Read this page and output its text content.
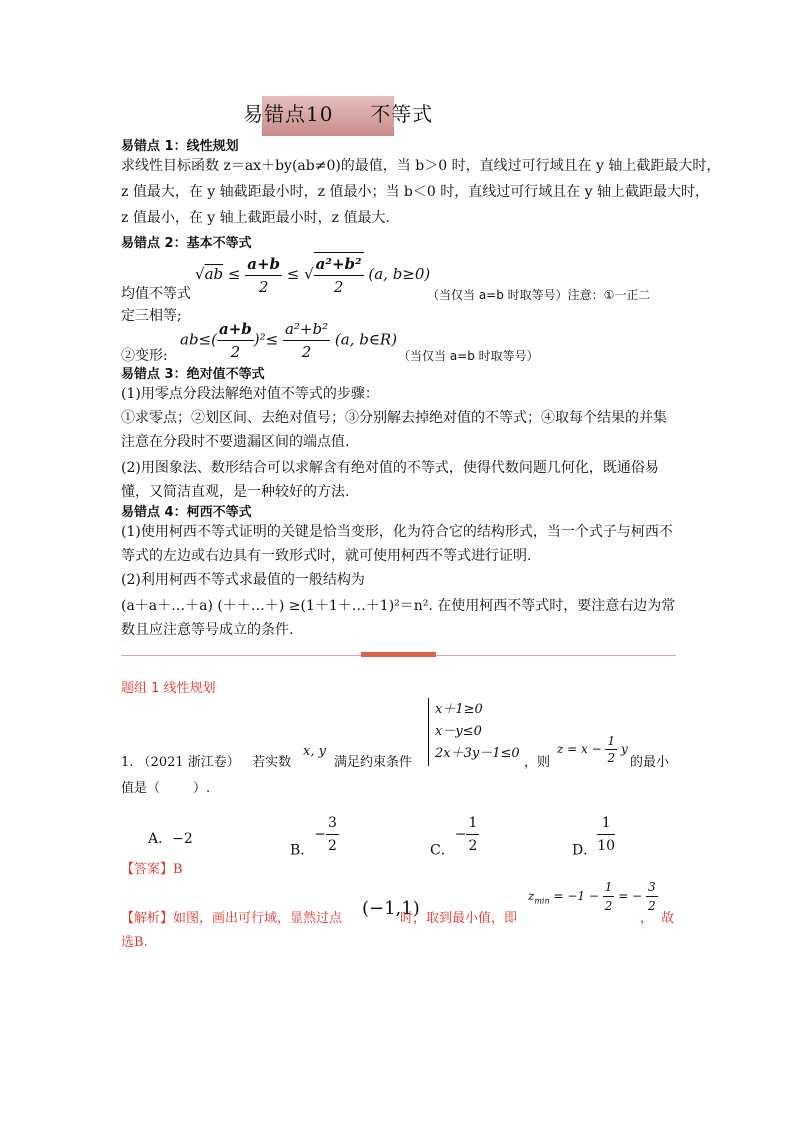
易错点10 不等式
易错点 1：线性规划
求线性目标函数 z＝ax＋by(ab≠0)的最值，当 b＞0 时，直线过可行域且在 y 轴上截距最大时，
z 值最大，在 y 轴截距最小时，z 值最小；当 b＜0 时，直线过可行域且在 y 轴上截距最大时，
z 值最小，在 y 轴上截距最小时，z 值最大.
易错点 2：基本不等式
$√ab \le \frac{a+b}{2}$ ≤ √ $\frac{\text{a²+b²}}{2} (a$, b≥0)
均值不等式	（当仅当 a=b 时取等号）注意：①一正二
定三相等;
$ab\le( \frac{a+b}{2} )^2\le \frac{\text{a²+b²}}{2} (a$, b∈R)
②变形:	（当仅当 a=b 时取等号）
易错点 3：绝对值不等式
(1)用零点分段法解绝对值不等式的步骤：
①求零点；②划区间、去绝对值号；③分别解去掉绝对值的不等式；④取每个结果的并集
注意在分段时不要遗漏区间的端点值.
(2)用图象法、数形结合可以求解含有绝对值的不等式，使得代数问题几何化，既通俗易
懂，又简洁直观，是一种较好的方法.
易错点 4：柯西不等式
(1)使用柯西不等式证明的关键是恰当变形，化为符合它的结构形式，当一个式子与柯西不
等式的左边或右边具有一致形式时，就可使用柯西不等式进行证明.
(2)利用柯西不等式求最值的一般结构为
(a＋a＋…＋a) (＋＋…＋) ≥(1＋1＋…＋1)²＝n². 在使用柯西不等式时，要注意右边为常
数且应注意等号成立的条件.
题组 1 线性规划
1. （2021 浙江卷） 若实数
x, y
满足约束条件
x＋1≥0
x－y≤0
2x＋3y－1≤0
，则
$z = x - \frac{1}{2}$ y
的最小
值是（        ）.
A．−2
B．− $\frac{3}{2}$	C．− $\frac{1}{2}$	D． $\frac{1}{10}$
【答案】B
【解析】如图，画出可行域，显然过点 (−1,1)
时，取到最小值，即
$z_{min} = -1 - \frac{1}{2}$ = − $\frac{3}{2}$
，  故
选B.
